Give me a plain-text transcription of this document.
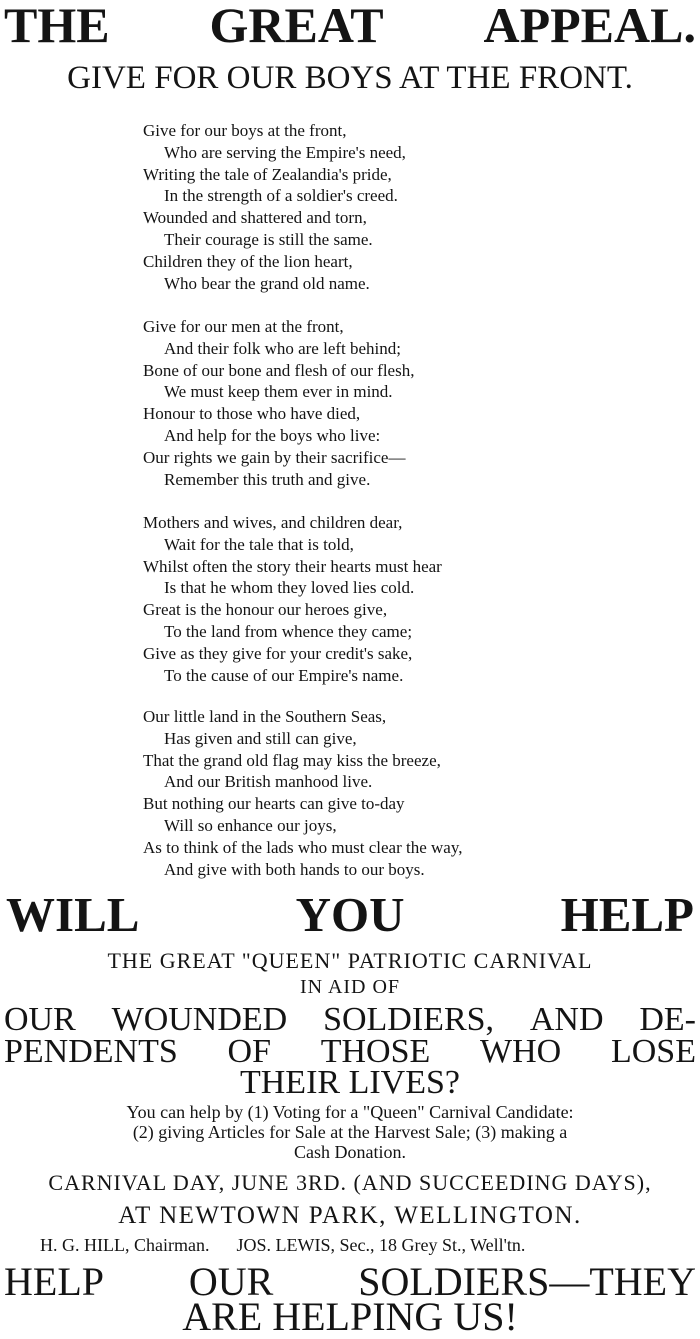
THE GREAT APPEAL.
GIVE FOR OUR BOYS AT THE FRONT.
Give for our boys at the front,
Who are serving the Empire's need,
Writing the tale of Zealandia's pride,
In the strength of a soldier's creed.
Wounded and shattered and torn,
Their courage is still the same.
Children they of the lion heart,
Who bear the grand old name.
Give for our men at the front,
And their folk who are left behind;
Bone of our bone and flesh of our flesh,
We must keep them ever in mind.
Honour to those who have died,
And help for the boys who live:
Our rights we gain by their sacrifice—
Remember this truth and give.
Mothers and wives, and children dear,
Wait for the tale that is told,
Whilst often the story their hearts must hear
Is that he whom they loved lies cold.
Great is the honour our heroes give,
To the land from whence they came;
Give as they give for your credit's sake,
To the cause of our Empire's name.
Our little land in the Southern Seas,
Has given and still can give,
That the grand old flag may kiss the breeze,
And our British manhood live.
But nothing our hearts can give to-day
Will so enhance our joys,
As to think of the lads who must clear the way,
And give with both hands to our boys.
WILL	YOU	HELP
THE GREAT "QUEEN" PATRIOTIC CARNIVAL
IN AID OF
OUR WOUNDED SOLDIERS, AND DE-
PENDENTS OF THOSE WHO LOSE
THEIR LIVES?
You can help by (1) Voting for a "Queen" Carnival Candidate:
(2) giving Articles for Sale at the Harvest Sale; (3) making a
Cash Donation.
CARNIVAL DAY, JUNE 3RD. (AND SUCCEEDING DAYS),
AT NEWTOWN PARK, WELLINGTON.
H. G. HILL, Chairman. JOS. LEWIS, Sec., 18 Grey St., Well'tn.
HELP OUR SOLDIERS—THEY
ARE HELPING US!
